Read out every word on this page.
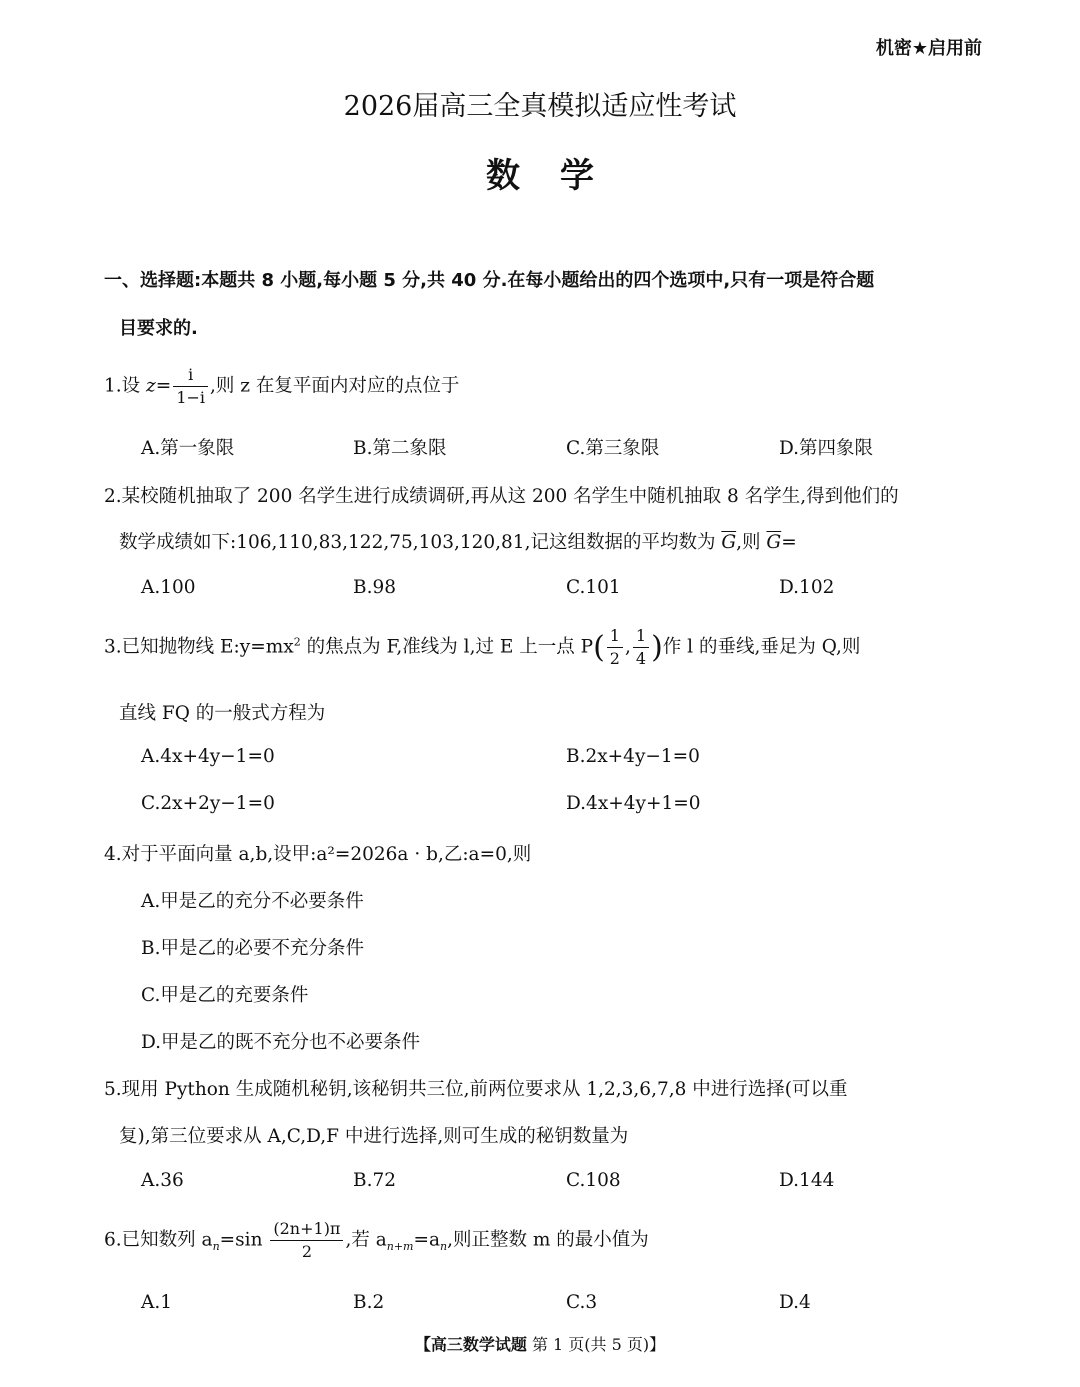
机密★启用前
2026届高三全真模拟适应性考试
数学
一、选择题:本题共 8 小题,每小题 5 分,共 40 分.在每小题给出的四个选项中,只有一项是符合题
目要求的.
1.设 $z= \frac{i}{1-i}$ ,则 z 在复平面内对应的点位于
A.第一象限	B.第二象限	C.第三象限	D.第四象限
2.某校随机抽取了 200 名学生进行成绩调研,再从这 200 名学生中随机抽取 8 名学生,得到他们的
数学成绩如下:106,110,83,122,75,103,120,81,记这组数据的平均数为 $\overline{G}$,则 $\overline{G}=$
A.100	B.98	C.101	D.102
3.已知抛物线 $E:y=mx^2$ 的焦点为 F,准线为 l,过 E 上一点 $P( \frac{1}{2}$ , $\frac{1}{4}$ )作 l 的垂线,垂足为 Q,则
直线 FQ 的一般式方程为
A.4x+4y−1=0	B.2x+4y−1=0
C.2x+2y−1=0	D.4x+4y+1=0
4.对于平面向量 a,b,设甲:a²=2026a · b,乙:a=0,则
A.甲是乙的充分不必要条件
B.甲是乙的必要不充分条件
C.甲是乙的充要条件
D.甲是乙的既不充分也不必要条件
5.现用 Python 生成随机秘钥,该秘钥共三位,前两位要求从 1,2,3,6,7,8 中进行选择(可以重
复),第三位要求从 A,C,D,F 中进行选择,则可生成的秘钥数量为
A.36	B.72	C.108	D.144
6.已知数列 $a_n=\sin \frac{(2n+1)\pi}{2}$ ,若 $a_{n+m}=a_n$,则正整数 m 的最小值为
A.1	B.2	C.3	D.4
【高三数学试题 第 1 页(共 5 页)】
